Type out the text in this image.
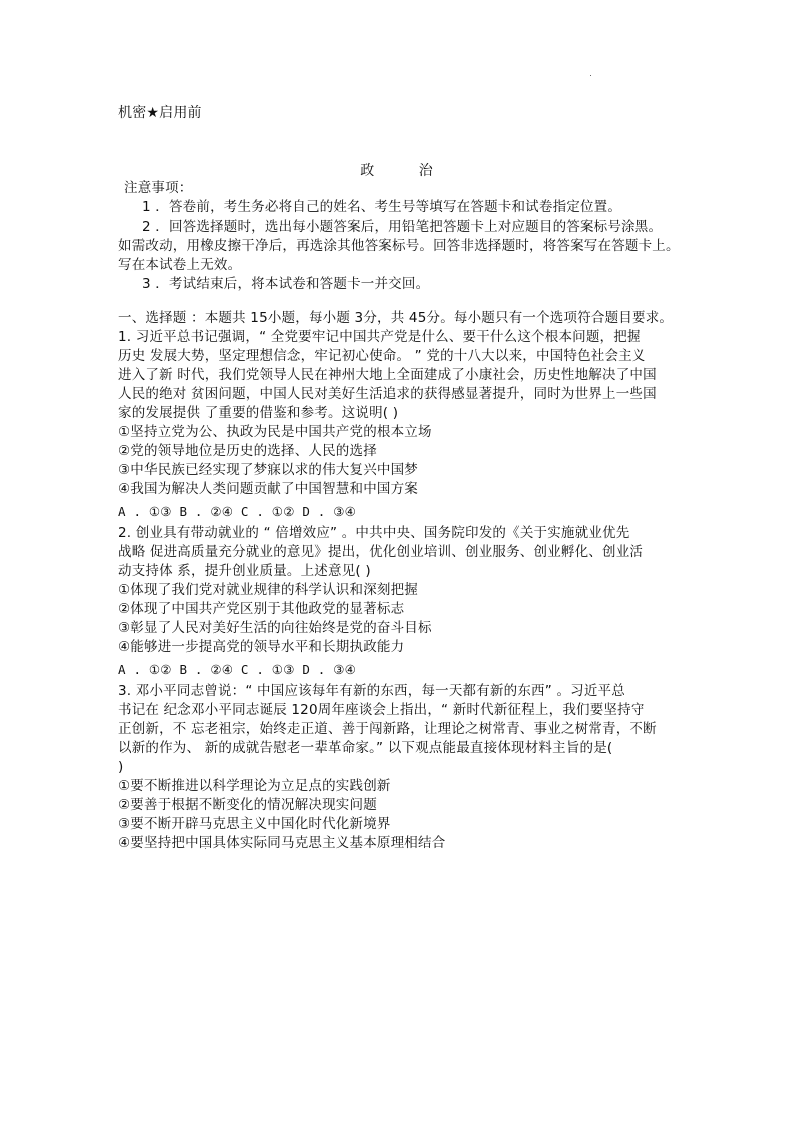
机密★启用前
政	治
注意事项：
1 ．答卷前，考生务必将自己的姓名、考生号等填写在答题卡和试卷指定位置。
2 ．回答选择题时，选出每小题答案后，用铅笔把答题卡上对应题目的答案标号涂黑。
如需改动，用橡皮擦干净后，再选涂其他答案标号。回答非选择题时，将答案写在答题卡上。
写在本试卷上无效。
3 ．考试结束后，将本试卷和答题卡一并交回。
一、选择题 ：本题共 15小题，每小题 3分，共 45分。每小题只有一个选项符合题目要求。
1. 习近平总书记强调，“ 全党要牢记中国共产党是什么、要干什么这个根本问题，把握
历史 发展大势，坚定理想信念，牢记初心使命。 ” 党的十八大以来，中国特色社会主义
进入了新 时代，我们党领导人民在神州大地上全面建成了小康社会，历史性地解决了中国
人民的绝对 贫困问题，中国人民对美好生活追求的获得感显著提升，同时为世界上一些国
家的发展提供 了重要的借鉴和参考。这说明( )
①坚持立党为公、执政为民是中国共产党的根本立场
②党的领导地位是历史的选择、人民的选择
③中华民族已经实现了梦寐以求的伟大复兴中国梦
④我国为解决人类问题贡献了中国智慧和中国方案
A . ①③ B . ②④ C . ①② D . ③④
2. 创业具有带动就业的 “ 倍增效应” 。中共中央、国务院印发的《关于实施就业优先
战略 促进高质量充分就业的意见》提出，优化创业培训、创业服务、创业孵化、创业活
动支持体 系，提升创业质量。上述意见( )
①体现了我们党对就业规律的科学认识和深刻把握
②体现了中国共产党区别于其他政党的显著标志
③彰显了人民对美好生活的向往始终是党的奋斗目标
④能够进一步提高党的领导水平和长期执政能力
A . ①② B . ②④ C . ①③ D . ③④
3. 邓小平同志曾说：“ 中国应该每年有新的东西，每一天都有新的东西” 。习近平总
书记在 纪念邓小平同志诞辰 120周年座谈会上指出，“ 新时代新征程上，我们要坚持守
正创新，不 忘老祖宗，始终走正道、善于闯新路，让理论之树常青、事业之树常青，不断
以新的作为、 新的成就告慰老一辈革命家。” 以下观点能最直接体现材料主旨的是(
)
①要不断推进以科学理论为立足点的实践创新
②要善于根据不断变化的情况解决现实问题
③要不断开辟马克思主义中国化时代化新境界
④要坚持把中国具体实际同马克思主义基本原理相结合
